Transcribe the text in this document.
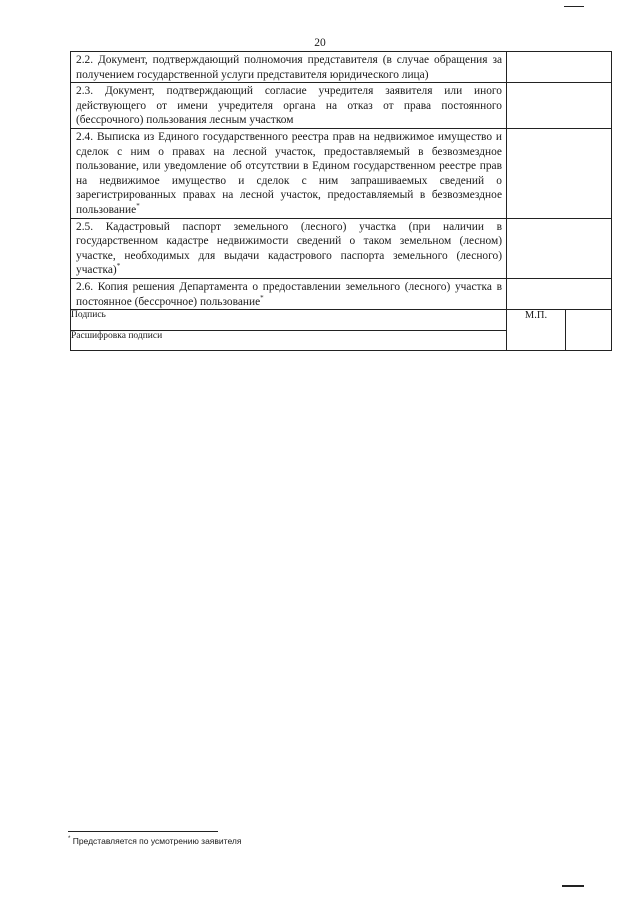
20
2.2. Документ, подтверждающий полномочия представителя (в случае обращения за получением государственной услуги представителя юридического лица)

2.3. Документ, подтверждающий согласие учредителя заявителя или иного действующего от имени учредителя органа на отказ от права постоянного (бессрочного) пользования лесным участком

2.4. Выписка из Единого государственного реестра прав на недвижимое имущество и сделок с ним о правах на лесной участок, предоставляемый в безвозмездное пользование, или уведомление об отсутствии в Едином государственном реестре прав на недвижимое имущество и сделок с ним запрашиваемых сведений о зарегистрированных правах на лесной участок, предоставляемый в безвозмездное пользование*

2.5. Кадастровый паспорт земельного (лесного) участка (при наличии в государственном кадастре недвижимости сведений о таком земельном (лесном) участке, необходимых для выдачи кадастрового паспорта земельного (лесного) участка)*

2.6. Копия решения Департамента о предоставлении земельного (лесного) участка в постоянное (бессрочное) пользование*

Подпись		М.П.	

Расшифровка подписи
* Представляется по усмотрению заявителя
